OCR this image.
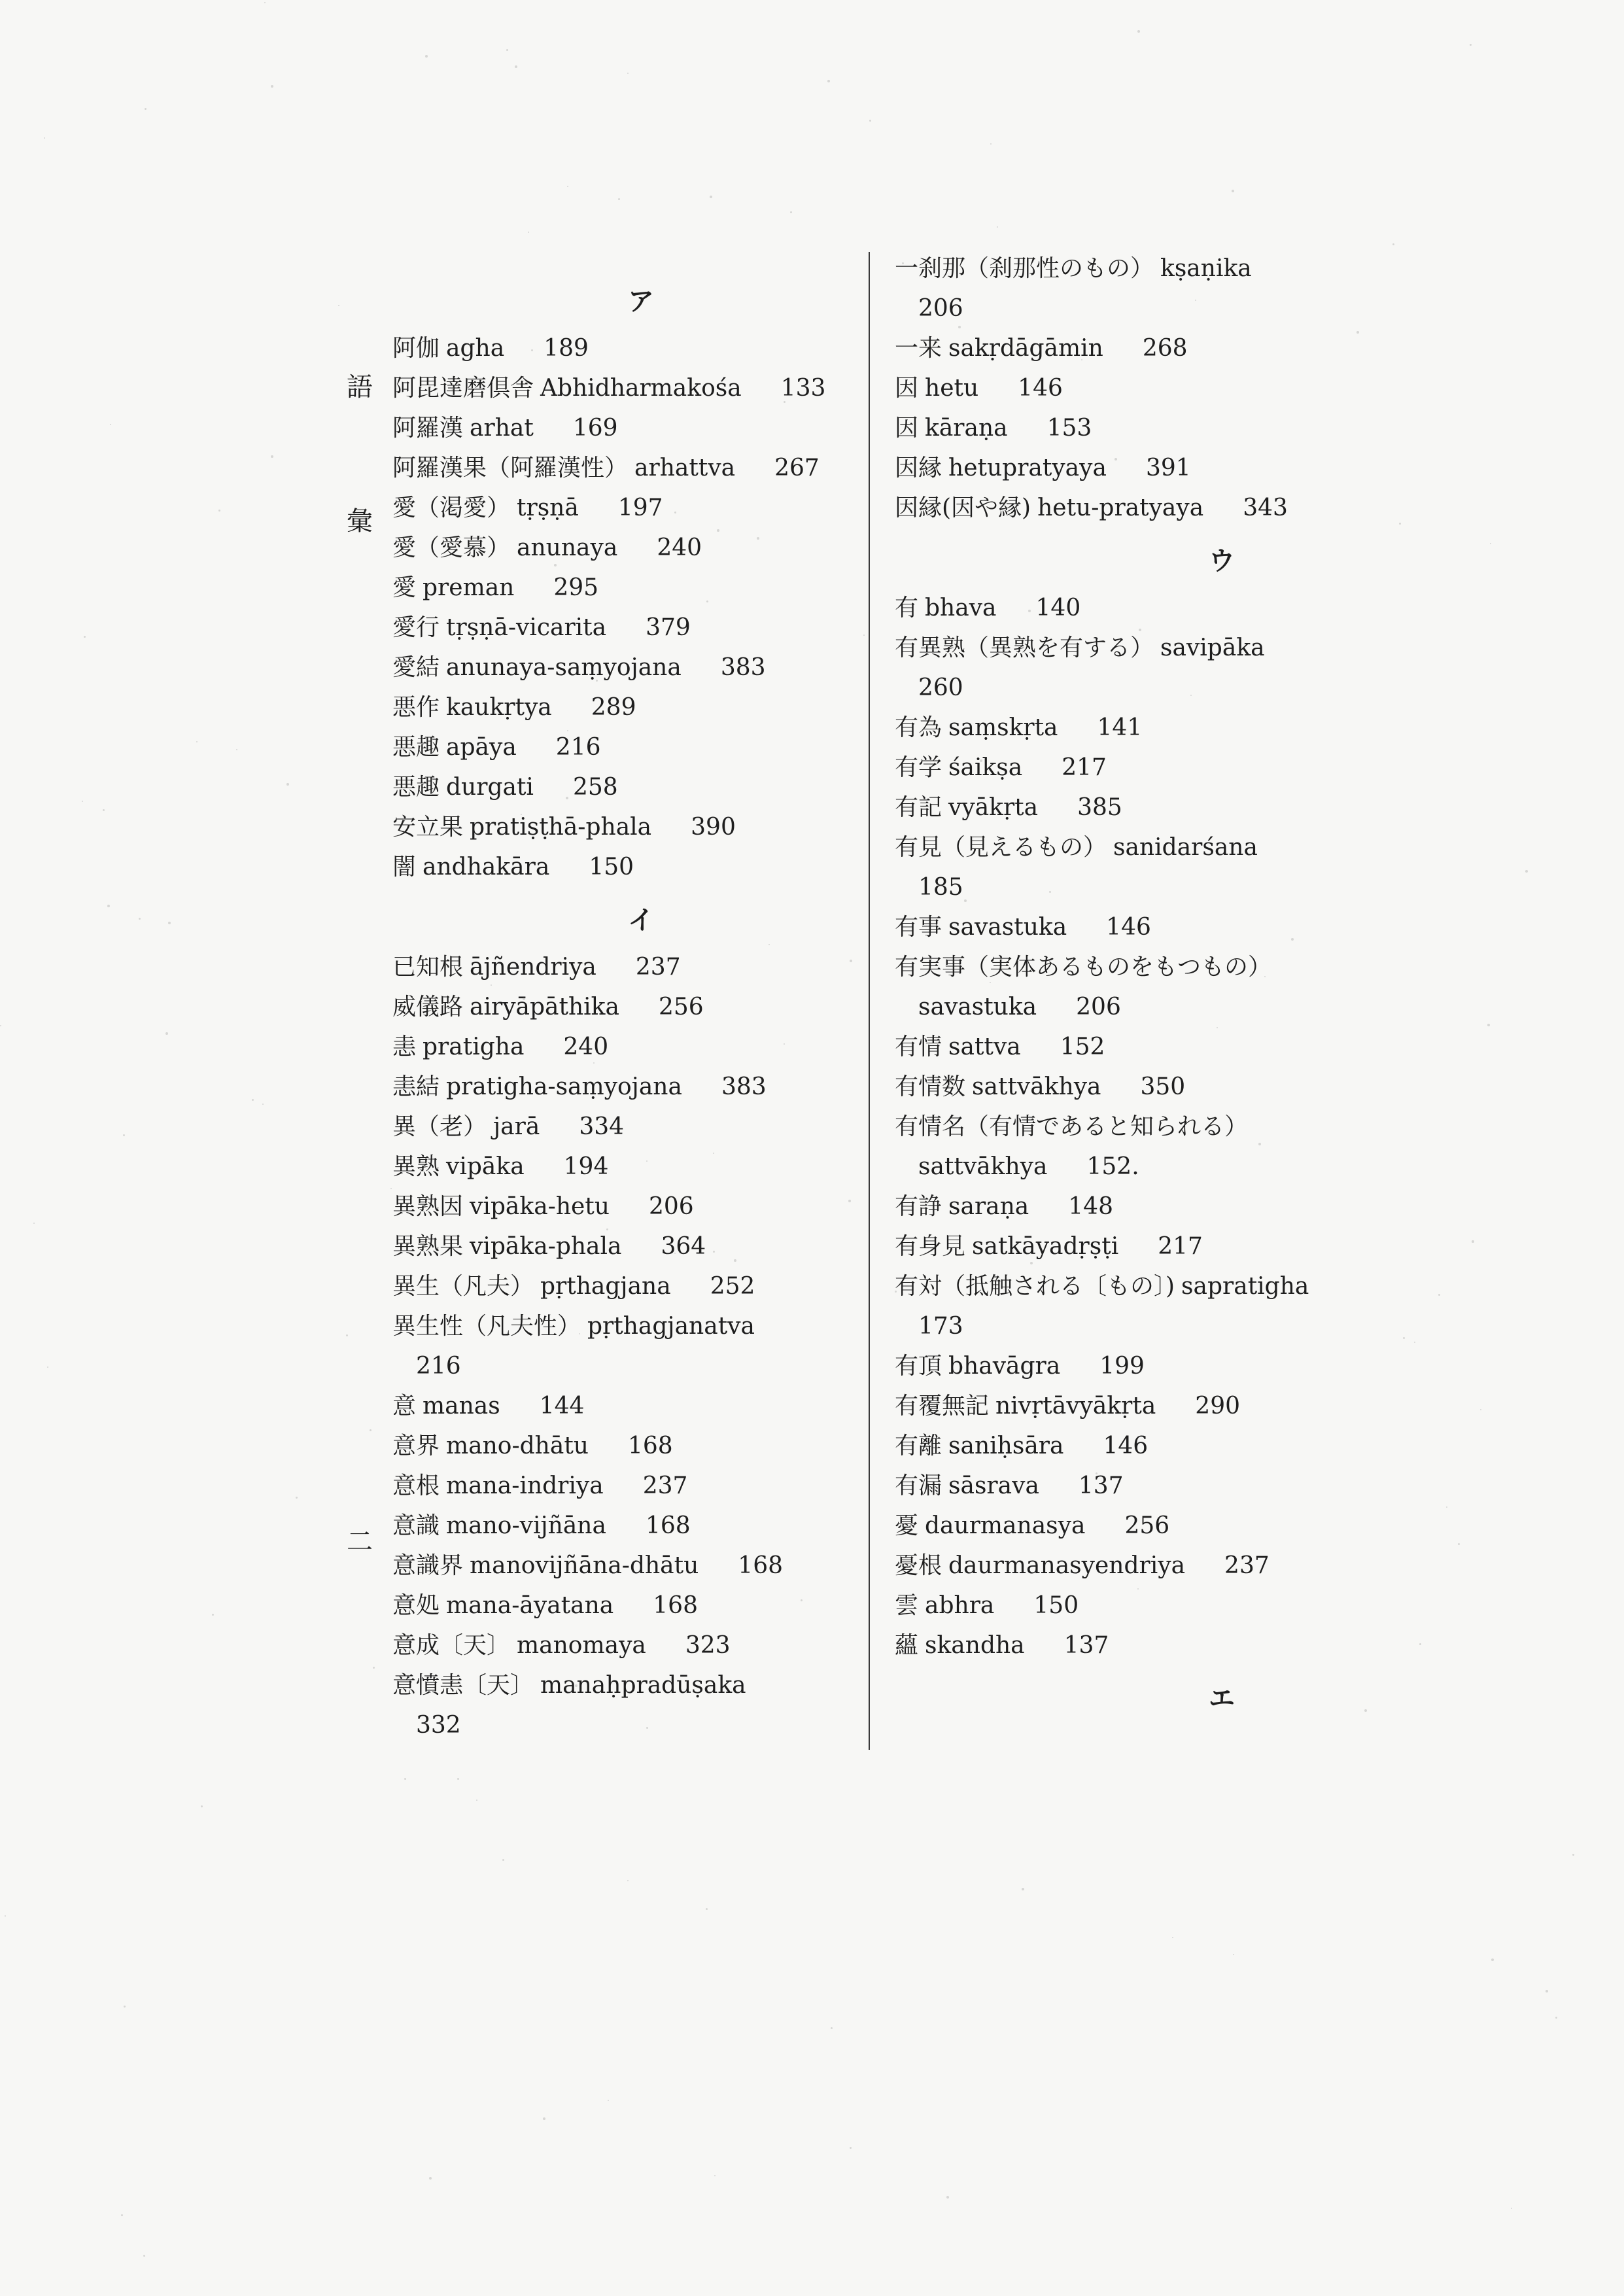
語
彙
二
ア
阿伽 agha 189
阿毘達磨倶舎 Abhidharmakośa 133
阿羅漢 arhat 169
阿羅漢果（阿羅漢性） arhattva 267
愛（渇愛） tṛṣṇā 197
愛（愛慕） anunaya 240
愛 preman 295
愛行 tṛṣṇā-vicarita 379
愛結 anunaya-saṃyojana 383
悪作 kaukṛtya 289
悪趣 apāya 216
悪趣 durgati 258
安立果 pratiṣṭhā-phala 390
闇 andhakāra 150
イ
已知根 ājñendriya 237
威儀路 airyāpāthika 256
恚 pratigha 240
恚結 pratigha-saṃyojana 383
異（老） jarā 334
異熟 vipāka 194
異熟因 vipāka-hetu 206
異熟果 vipāka-phala 364
異生（凡夫） pṛthagjana 252
異生性（凡夫性） pṛthagjanatva
216
意 manas 144
意界 mano-dhātu 168
意根 mana-indriya 237
意識 mano-vijñāna 168
意識界 manovijñāna-dhātu 168
意処 mana-āyatana 168
意成〔天〕 manomaya 323
意憤恚〔天〕 manaḥpradūṣaka
332
一刹那（刹那性のもの） kṣaṇika
206
一来 sakṛdāgāmin 268
因 hetu 146
因 kāraṇa 153
因縁 hetupratyaya 391
因縁(因や縁) hetu-pratyaya 343
ウ
有 bhava 140
有異熟（異熟を有する） savipāka
260
有為 saṃskṛta 141
有学 śaikṣa 217
有記 vyākṛta 385
有見（見えるもの） sanidarśana
185
有事 savastuka 146
有実事（実体あるものをもつもの）
savastuka 206
有情 sattva 152
有情数 sattvākhya 350
有情名（有情であると知られる）
sattvākhya 152.
有諍 saraṇa 148
有身見 satkāyadṛṣṭi 217
有対（抵触される〔もの〕) sapratigha
173
有頂 bhavāgra 199
有覆無記 nivṛtāvyākṛta 290
有離 saniḥsāra 146
有漏 sāsrava 137
憂 daurmanasya 256
憂根 daurmanasyendriya 237
雲 abhra 150
蘊 skandha 137
エ
